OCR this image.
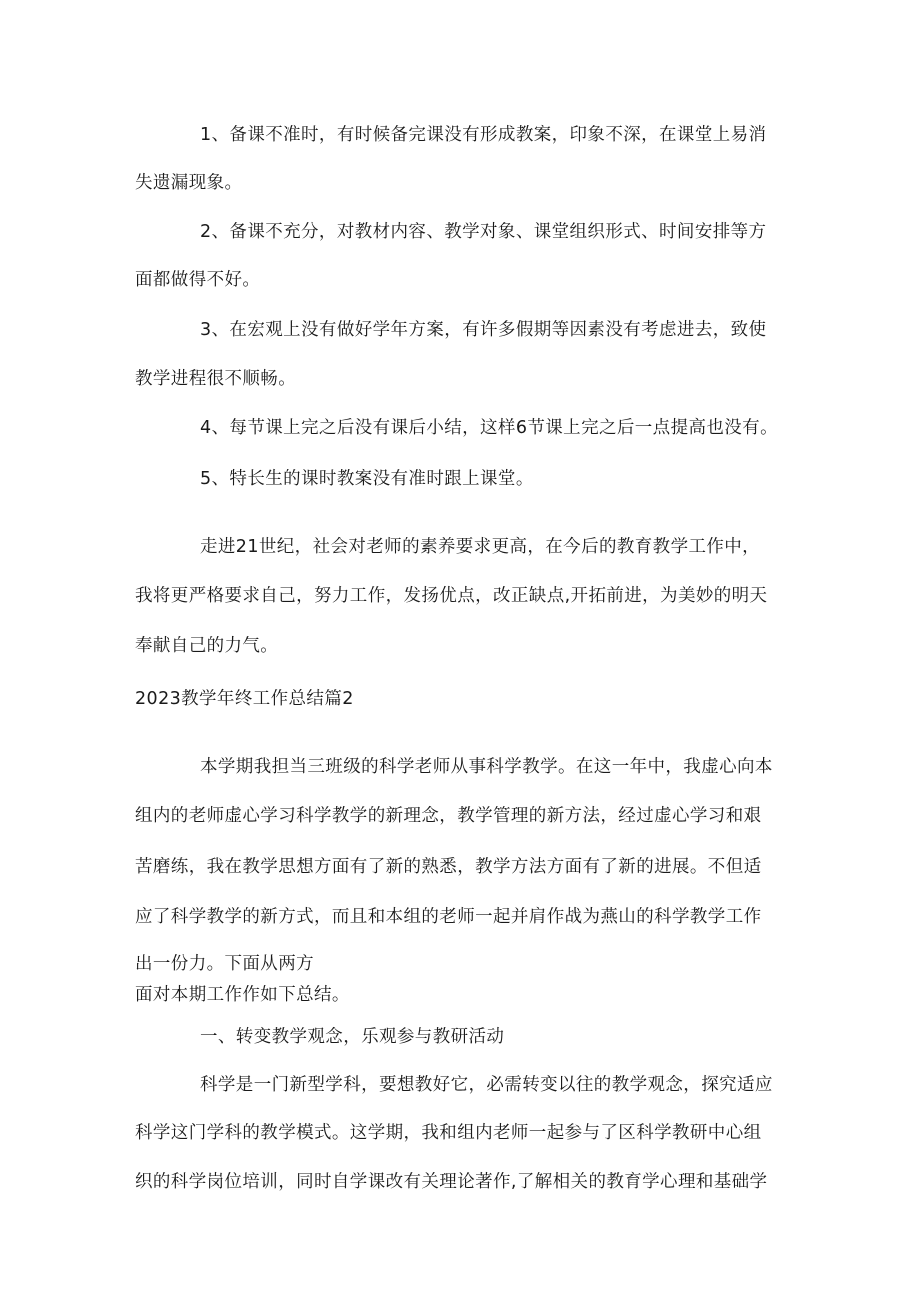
1、备课不准时，有时候备完课没有形成教案，印象不深，在课堂上易消
失遗漏现象。
2、备课不充分，对教材内容、教学对象、课堂组织形式、时间安排等方
面都做得不好。
3、在宏观上没有做好学年方案，有许多假期等因素没有考虑进去，致使
教学进程很不顺畅。
4、每节课上完之后没有课后小结，这样6节课上完之后一点提高也没有。
5、特长生的课时教案没有准时跟上课堂。
走进21世纪，社会对老师的素养要求更高，在今后的教育教学工作中，
我将更严格要求自己，努力工作，发扬优点，改正缺点,开拓前进，为美妙的明天
奉献自己的力气。
2023教学年终工作总结篇2
本学期我担当三班级的科学老师从事科学教学。在这一年中，我虚心向本
组内的老师虚心学习科学教学的新理念，教学管理的新方法，经过虚心学习和艰
苦磨练，我在教学思想方面有了新的熟悉，教学方法方面有了新的进展。不但适
应了科学教学的新方式，而且和本组的老师一起并肩作战为燕山的科学教学工作
出一份力。下面从两方
面对本期工作作如下总结。
一、转变教学观念，乐观参与教研活动
科学是一门新型学科，要想教好它，必需转变以往的教学观念，探究适应
科学这门学科的教学模式。这学期，我和组内老师一起参与了区科学教研中心组
织的科学岗位培训，同时自学课改有关理论著作,了解相关的教育学心理和基础学
